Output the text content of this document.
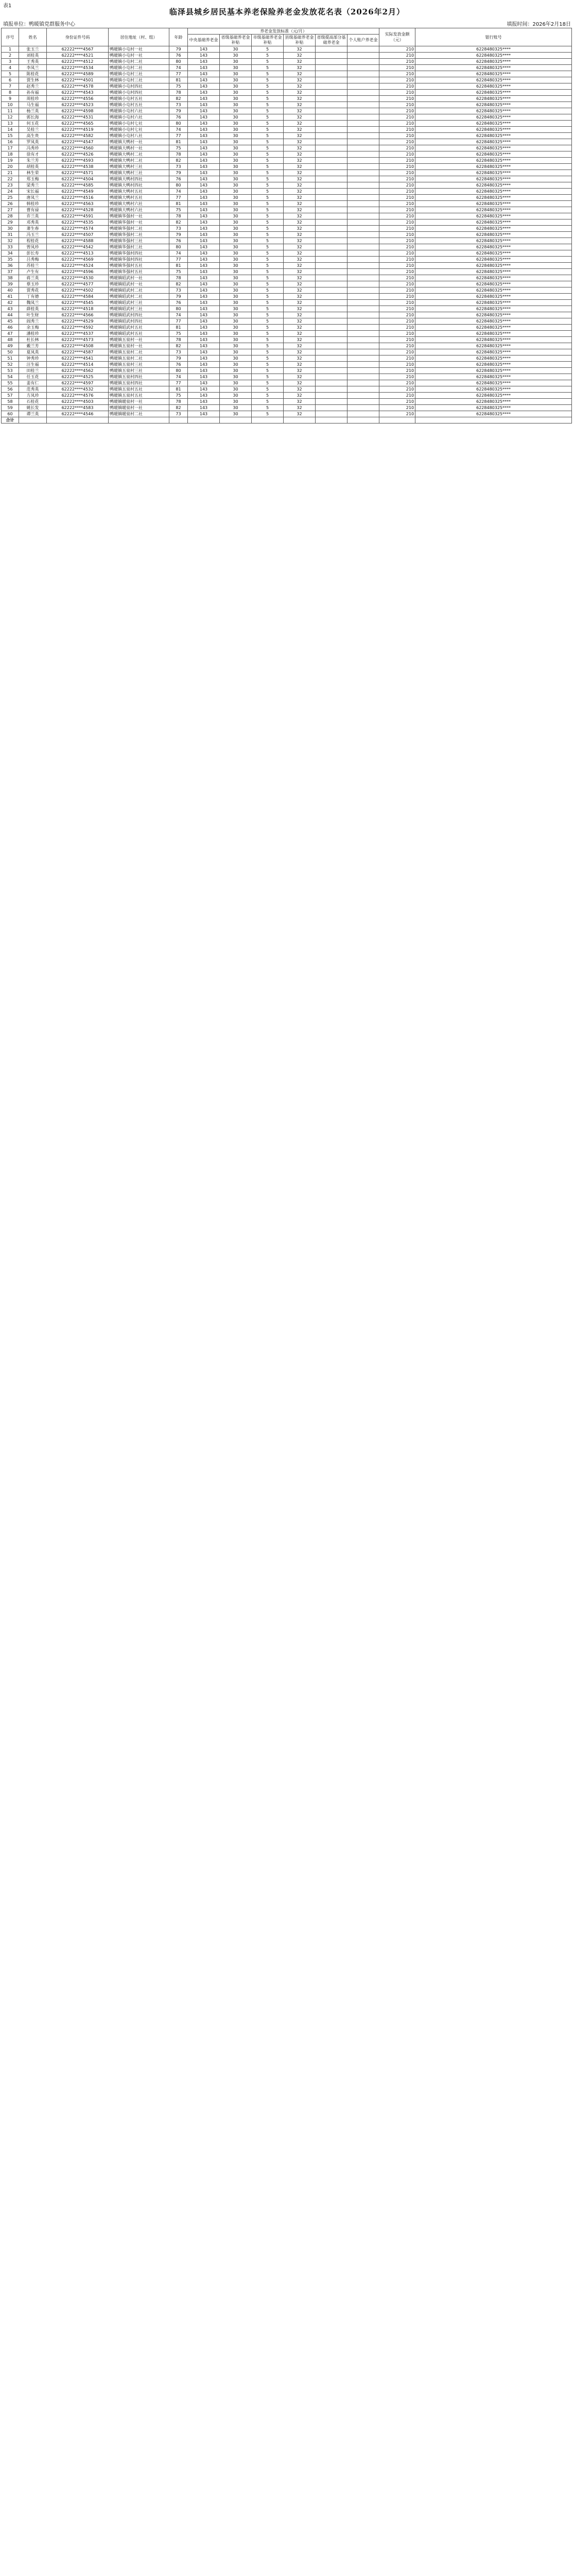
表1
临泽县城乡居民基本养老保险养老金发放花名表（2026年2月）
填报单位：鸭暖镇党群服务中心	填报时间：2026年2月18日
序号	姓名	身份证件号码	居住地址（村、组）	年龄	养老金发放标准（元/月）						实际发放金额（元）	银行账号
					中央基础养老金	省级基础养老金补贴	市级基础养老金补贴	县级基础养老金补贴	省级提高部分基础养老金	个人账户养老金		
1	张玉兰	62222****4567	鸭暖镇小屯村一社	79	143	30	5	32			210	6228480325****
2	刘桂英	62222****4521	鸭暖镇小屯村一社	76	143	30	5	32			210	6228480325****
3	王秀英	62222****4512	鸭暖镇小屯村二社	80	143	30	5	32			210	6228480325****
4	李凤兰	62222****4534	鸭暖镇小屯村二社	74	143	30	5	32			210	6228480325****
5	陈桂花	62222****4589	鸭暖镇小屯村三社	77	143	30	5	32			210	6228480325****
6	贾生林	62222****4501	鸭暖镇小屯村三社	81	143	30	5	32			210	6228480325****
7	赵秀兰	62222****4578	鸭暖镇小屯村四社	75	143	30	5	32			210	6228480325****
8	孙有福	62222****4543	鸭暖镇小屯村四社	78	143	30	5	32			210	6228480325****
9	周桂珍	62222****4556	鸭暖镇小屯村五社	82	143	30	5	32			210	6228480325****
10	马生福	62222****4523	鸭暖镇小屯村五社	73	143	30	5	32			210	6228480325****
11	杨兰英	62222****4598	鸭暖镇小屯村六社	79	143	30	5	32			210	6228480325****
12	郭长海	62222****4531	鸭暖镇小屯村六社	76	143	30	5	32			210	6228480325****
13	何玉花	62222****4565	鸭暖镇小屯村七社	80	143	30	5	32			210	6228480325****
14	吴桂兰	62222****4519	鸭暖镇小屯村七社	74	143	30	5	32			210	6228480325****
15	高生贵	62222****4582	鸭暖镇小屯村八社	77	143	30	5	32			210	6228480325****
16	罗凤英	62222****4547	鸭暖镇大鸭村一社	81	143	30	5	32			210	6228480325****
17	冯秀珍	62222****4560	鸭暖镇大鸭村一社	75	143	30	5	32			210	6228480325****
18	徐有才	62222****4526	鸭暖镇大鸭村二社	78	143	30	5	32			210	6228480325****
19	朱兰芳	62222****4593	鸭暖镇大鸭村二社	82	143	30	5	32			210	6228480325****
20	胡桂英	62222****4538	鸭暖镇大鸭村三社	73	143	30	5	32			210	6228480325****
21	林生荣	62222****4571	鸭暖镇大鸭村三社	79	143	30	5	32			210	6228480325****
22	郑玉梅	62222****4504	鸭暖镇大鸭村四社	76	143	30	5	32			210	6228480325****
23	梁秀兰	62222****4585	鸭暖镇大鸭村四社	80	143	30	5	32			210	6228480325****
24	宋长福	62222****4549	鸭暖镇大鸭村五社	74	143	30	5	32			210	6228480325****
25	唐凤兰	62222****4516	鸭暖镇大鸭村五社	77	143	30	5	32			210	6228480325****
26	韩桂珍	62222****4563	鸭暖镇大鸭村六社	81	143	30	5	32			210	6228480325****
27	曹有禄	62222****4528	鸭暖镇大鸭村六社	75	143	30	5	32			210	6228480325****
28	许兰英	62222****4591	鸭暖镇华强村一社	78	143	30	5	32			210	6228480325****
29	邓秀英	62222****4535	鸭暖镇华强村一社	82	143	30	5	32			210	6228480325****
30	萧生春	62222****4574	鸭暖镇华强村二社	73	143	30	5	32			210	6228480325****
31	冯玉兰	62222****4507	鸭暖镇华强村二社	79	143	30	5	32			210	6228480325****
32	程桂花	62222****4588	鸭暖镇华强村三社	76	143	30	5	32			210	6228480325****
33	曾凤珍	62222****4542	鸭暖镇华强村三社	80	143	30	5	32			210	6228480325****
34	彭长寿	62222****4513	鸭暖镇华强村四社	74	143	30	5	32			210	6228480325****
35	吕秀梅	62222****4569	鸭暖镇华强村四社	77	143	30	5	32			210	6228480325****
36	苏桂兰	62222****4524	鸭暖镇华强村五社	81	143	30	5	32			210	6228480325****
37	卢生有	62222****4596	鸭暖镇华强村五社	75	143	30	5	32			210	6228480325****
38	蒋兰英	62222****4530	鸭暖镇昭武村一社	78	143	30	5	32			210	6228480325****
39	蔡玉珍	62222****4577	鸭暖镇昭武村一社	82	143	30	5	32			210	6228480325****
40	贾秀花	62222****4502	鸭暖镇昭武村二社	73	143	30	5	32			210	6228480325****
41	丁有德	62222****4584	鸭暖镇昭武村二社	79	143	30	5	32			210	6228480325****
42	魏凤兰	62222****4545	鸭暖镇昭武村三社	76	143	30	5	32			210	6228480325****
43	薛桂英	62222****4518	鸭暖镇昭武村三社	80	143	30	5	32			210	6228480325****
44	叶生财	62222****4566	鸭暖镇昭武村四社	74	143	30	5	32			210	6228480325****
45	阎秀兰	62222****4529	鸭暖镇昭武村四社	77	143	30	5	32			210	6228480325****
46	余玉梅	62222****4592	鸭暖镇昭武村五社	81	143	30	5	32			210	6228480325****
47	潘桂珍	62222****4537	鸭暖镇昭武村五社	75	143	30	5	32			210	6228480325****
48	杜长林	62222****4573	鸭暖镇五泉村一社	78	143	30	5	32			210	6228480325****
49	戴兰芳	62222****4508	鸭暖镇五泉村一社	82	143	30	5	32			210	6228480325****
50	夏凤英	62222****4587	鸭暖镇五泉村二社	73	143	30	5	32			210	6228480325****
51	钟秀珍	62222****4541	鸭暖镇五泉村二社	79	143	30	5	32			210	6228480325****
52	汪生福	62222****4514	鸭暖镇五泉村三社	76	143	30	5	32			210	6228480325****
53	田桂兰	62222****4562	鸭暖镇五泉村三社	80	143	30	5	32			210	6228480325****
54	任玉花	62222****4525	鸭暖镇五泉村四社	74	143	30	5	32			210	6228480325****
55	姜有仁	62222****4597	鸭暖镇五泉村四社	77	143	30	5	32			210	6228480325****
56	范秀英	62222****4532	鸭暖镇五泉村五社	81	143	30	5	32			210	6228480325****
57	方凤珍	62222****4576	鸭暖镇五泉村五社	75	143	30	5	32			210	6228480325****
58	石桂花	62222****4503	鸭暖镇暖泉村一社	78	143	30	5	32			210	6228480325****
59	姚长发	62222****4583	鸭暖镇暖泉村一社	82	143	30	5	32			210	6228480325****
60	谭兰英	62222****4546	鸭暖镇暖泉村二社	73	143	30	5	32			210	6228480325****
合计												
